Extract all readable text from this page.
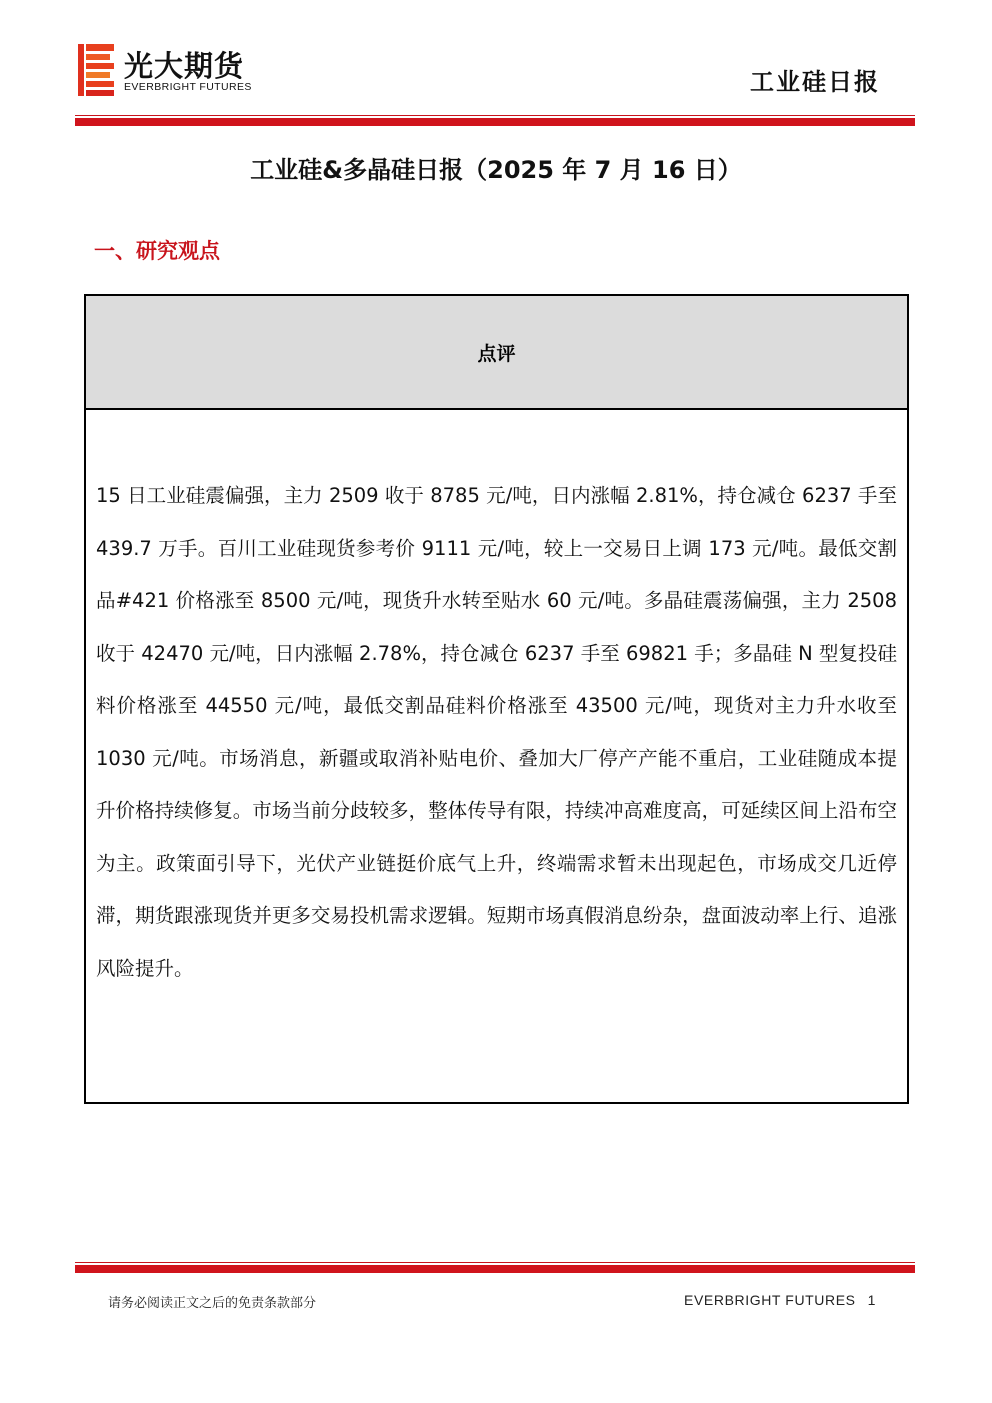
光大期货
EVERBRIGHT FUTURES	工业硅日报
工业硅&多晶硅日报（2025 年 7 月 16 日）
一、研究观点
点评
15 日工业硅震偏强，主力 2509 收于 8785 元/吨，日内涨幅 2.81%，持仓减仓 6237 手至 439.7 万手。百川工业硅现货参考价 9111 元/吨，较上一交易日上调 173 元/吨。最低交割品#421 价格涨至 8500 元/吨，现货升水转至贴水 60 元/吨。多晶硅震荡偏强，主力 2508 收于 42470 元/吨，日内涨幅 2.78%，持仓减仓 6237 手至 69821 手；多晶硅 N 型复投硅料价格涨至 44550 元/吨，最低交割品硅料价格涨至 43500 元/吨，现货对主力升水收至 1030 元/吨。市场消息，新疆或取消补贴电价、叠加大厂停产产能不重启，工业硅随成本提升价格持续修复。市场当前分歧较多，整体传导有限，持续冲高难度高，可延续区间上沿布空为主。政策面引导下，光伏产业链挺价底气上升，终端需求暂未出现起色，市场成交几近停滞，期货跟涨现货并更多交易投机需求逻辑。短期市场真假消息纷杂，盘面波动率上行、追涨风险提升。
请务必阅读正文之后的免责条款部分	EVERBRIGHT FUTURES 1
